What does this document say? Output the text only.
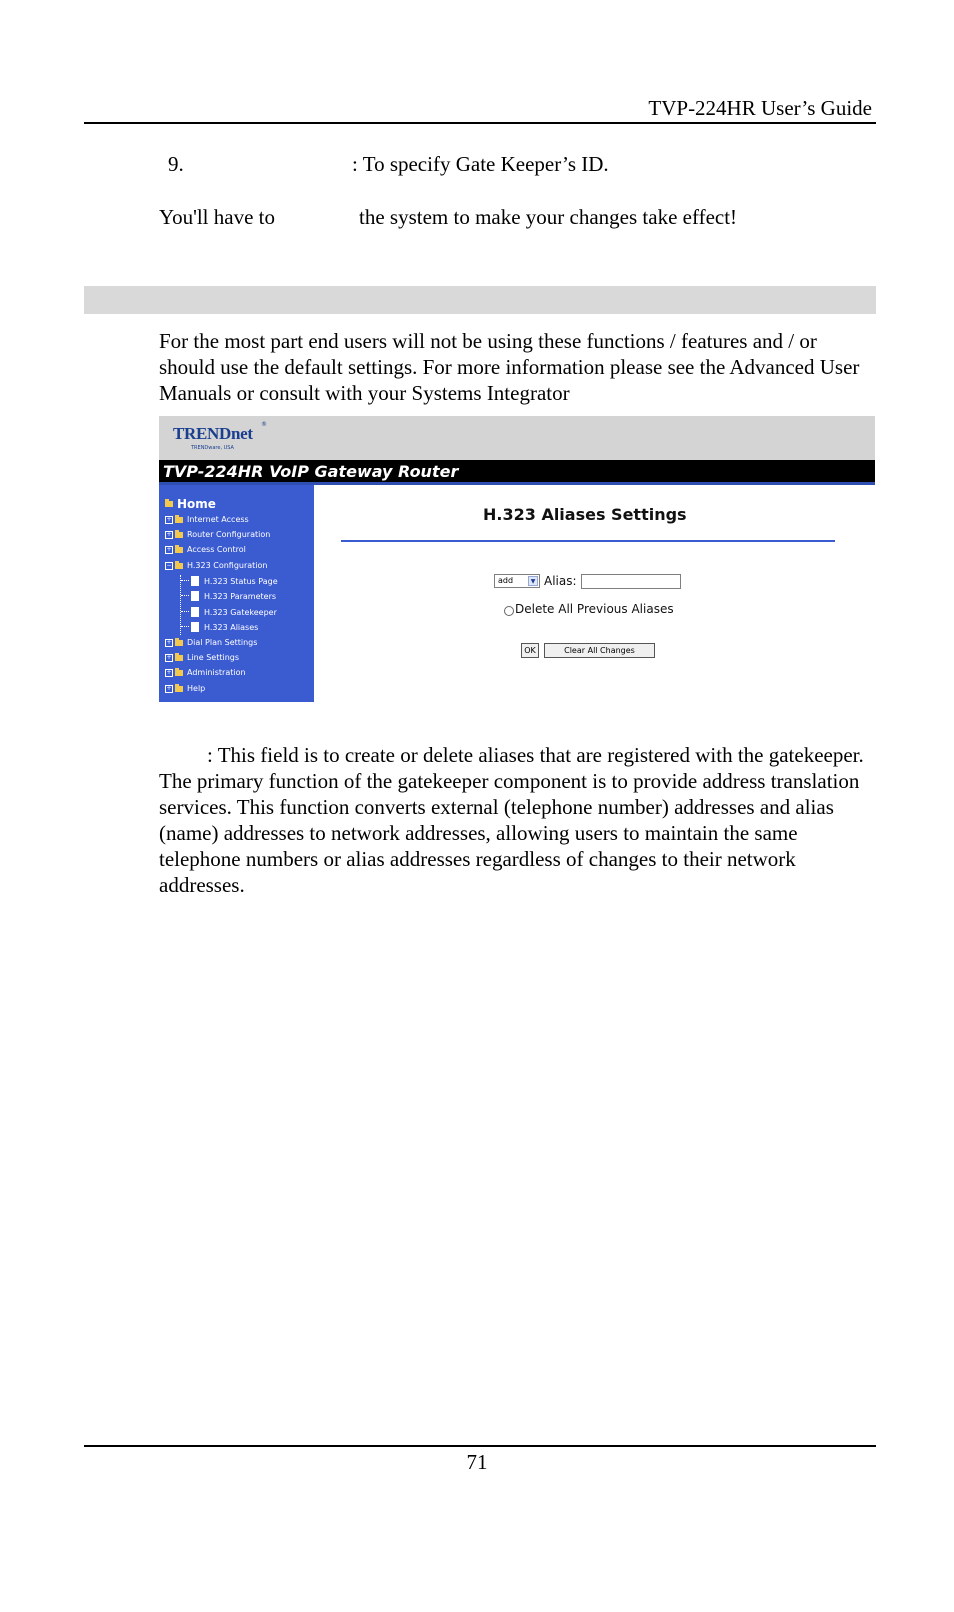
TVP-224HR User’s Guide
9.	: To specify Gate Keeper’s ID.
You'll have to	the system to make your changes take effect!
For the most part end users will not be using these functions / features and / or should use the default settings. For more information please see the Advanced User Manuals or consult with your Systems Integrator
TRENDnet ®
TRENDware, USA
TVP-224HR VoIP Gateway Router
Home
+ Internet Access
+ Router Configuration
+ Access Control
− H.323 Configuration
H.323 Status Page
H.323 Parameters
H.323 Gatekeeper
H.323 Aliases
+ Dial Plan Settings
+ Line Settings
+ Administration
+ Help
H.323 Aliases Settings
add	▼ Alias:
Delete All Previous Aliases
OK	Clear All Changes
: This field is to create or delete aliases that are registered with the gatekeeper.
The primary function of the gatekeeper component is to provide address translation services. This function converts external (telephone number) addresses and alias (name) addresses to network addresses, allowing users to maintain the same telephone numbers or alias addresses regardless of changes to their network addresses.
71
